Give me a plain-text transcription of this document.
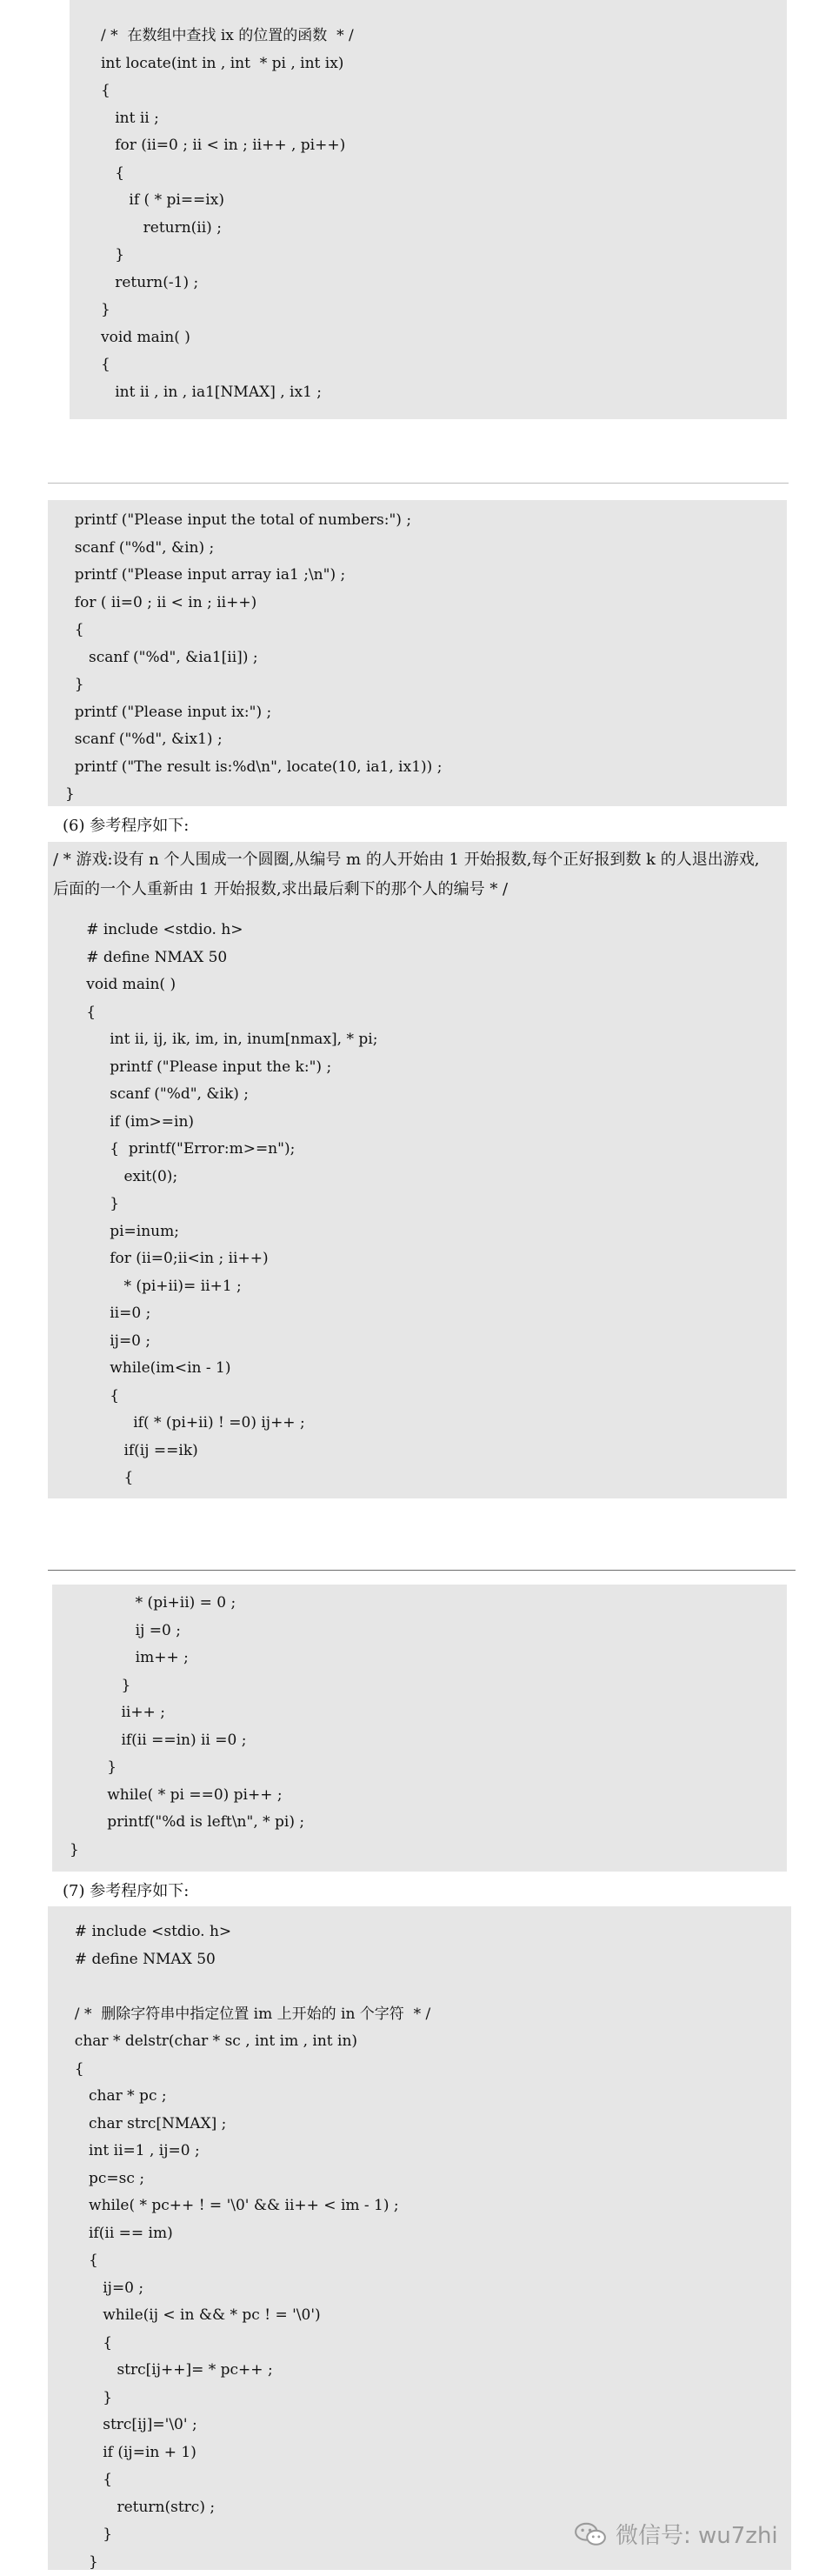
/ *  在数组中查找 ix 的位置的函数  * /
int locate(int in , int  * pi , int ix)
{
int ii ;
for (ii=0 ; ii < in ; ii++ , pi++)
{
if ( * pi==ix)
return(ii) ;
}
return(-1) ;
}
void main( )
{
int ii , in , ia1[NMAX] , ix1 ;
printf ("Please input the total of numbers:") ;
scanf ("%d", &in) ;
printf ("Please input array ia1 ;\n") ;
for ( ii=0 ; ii < in ; ii++)
{
scanf ("%d", &ia1[ii]) ;
}
printf ("Please input ix:") ;
scanf ("%d", &ix1) ;
printf ("The result is:%d\n", locate(10, ia1, ix1)) ;
}
(6) 参考程序如下:
/ * 游戏:设有 n 个人围成一个圆圈,从编号 m 的人开始由 1 开始报数,每个正好报到数 k 的人退出游戏,后面的一个人重新由 1 开始报数,求出最后剩下的那个人的编号 * /
# include <stdio. h>
# define NMAX 50
void main( )
{
int ii, ij, ik, im, in, inum[nmax], * pi;
printf ("Please input the k:") ;
scanf ("%d", &ik) ;
if (im>=in)
{  printf("Error:m>=n");
exit(0);
}
pi=inum;
for (ii=0;ii<in ; ii++)
* (pi+ii)= ii+1 ;
ii=0 ;
ij=0 ;
while(im<in - 1)
{
if( * (pi+ii) ! =0) ij++ ;
if(ij ==ik)
{
* (pi+ii) = 0 ;
ij =0 ;
im++ ;
}
ii++ ;
if(ii ==in) ii =0 ;
}
while( * pi ==0) pi++ ;
printf("%d is left\n", * pi) ;
}
(7) 参考程序如下:
# include <stdio. h>
# define NMAX 50
/ *  删除字符串中指定位置 im 上开始的 in 个字符  * /
char * delstr(char * sc , int im , int in)
{
char * pc ;
char strc[NMAX] ;
int ii=1 , ij=0 ;
pc=sc ;
while( * pc++ ! = '\0' && ii++ < im - 1) ;
if(ii == im)
{
ij=0 ;
while(ij < in && * pc ! = '\0')
{
strc[ij++]= * pc++ ;
}
strc[ij]='\0' ;
if (ij=in + 1)
{
return(strc) ;
}
}
微信号: wu7zhi
